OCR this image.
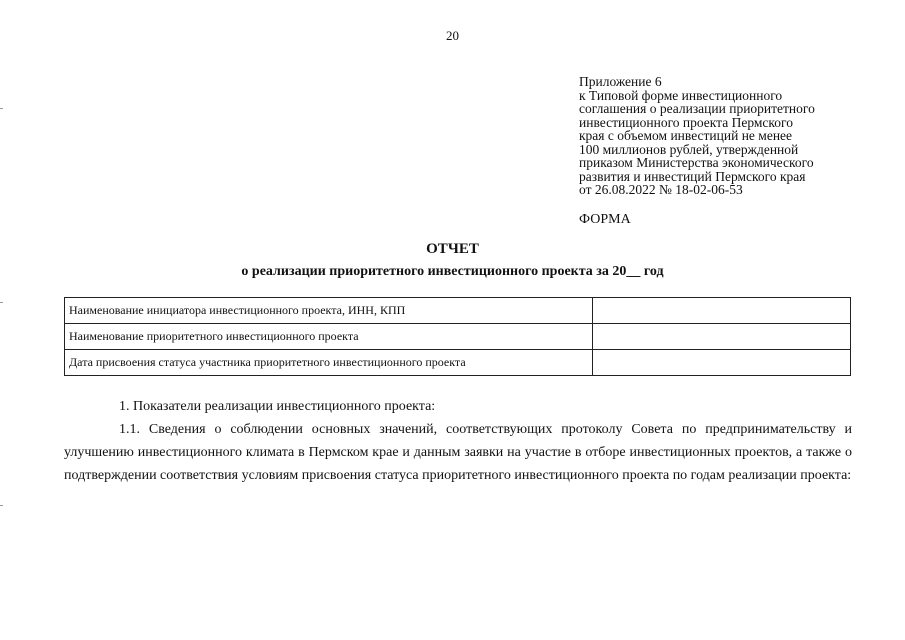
20
Приложение 6
к Типовой форме инвестиционного
соглашения о реализации приоритетного
инвестиционного проекта Пермского
края с объемом инвестиций не менее
100 миллионов рублей, утвержденной
приказом Министерства экономического
развития и инвестиций Пермского края
от 26.08.2022 № 18-02-06-53
ФОРМА
ОТЧЕТ
о реализации приоритетного инвестиционного проекта за 20__ год
Наименование инициатора инвестиционного проекта, ИНН, КПП	
Наименование приоритетного инвестиционного проекта	
Дата присвоения статуса участника приоритетного инвестиционного проекта	

1. Показатели реализации инвестиционного проекта:

1.1. Сведения о соблюдении основных значений, соответствующих протоколу Совета по предпринимательству и улучшению инвестиционного климата в Пермском крае и данным заявки на участие в отборе инвестиционных проектов, а также о подтверждении соответствия условиям присвоения статуса приоритетного инвестиционного проекта по годам реализации проекта:
